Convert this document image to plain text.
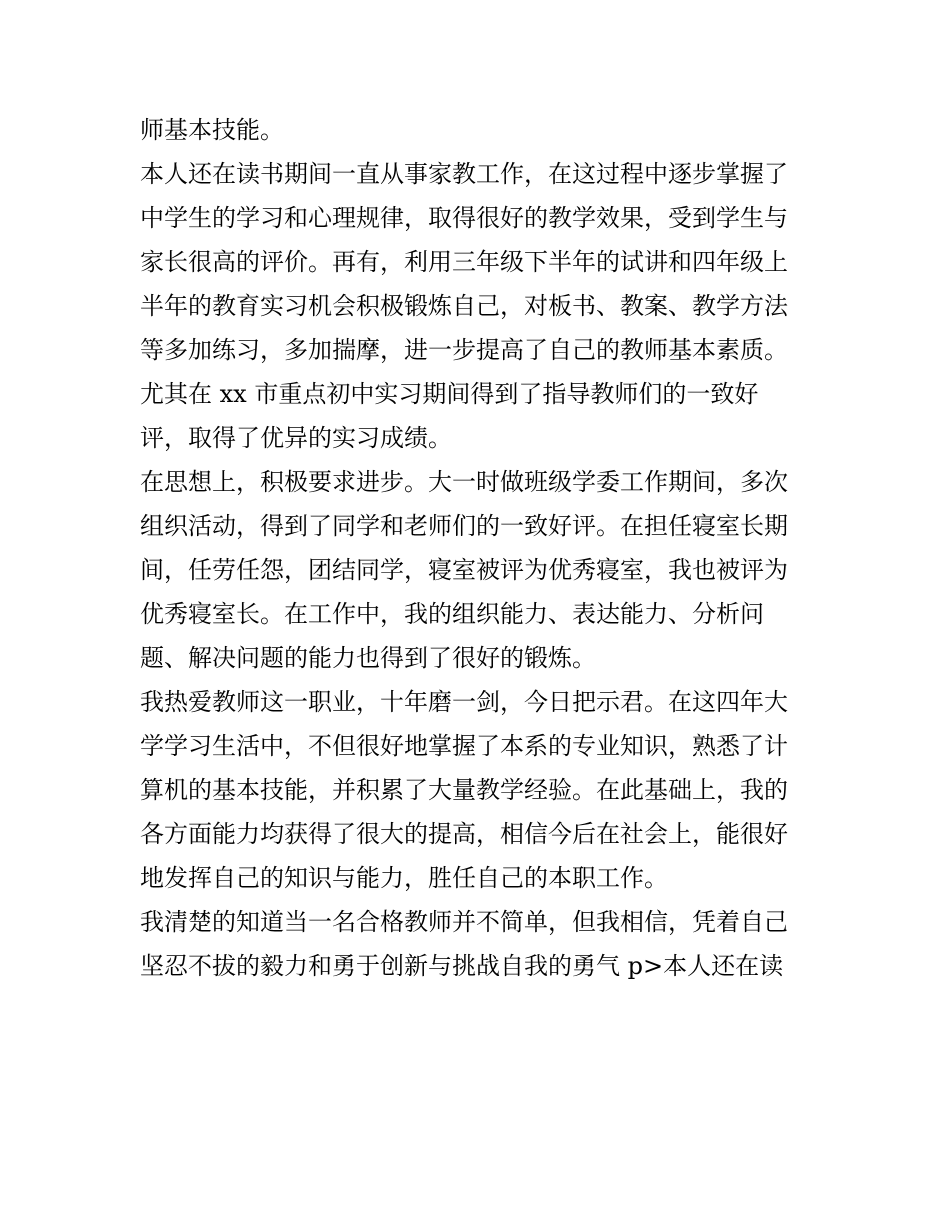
师基本技能。
本人还在读书期间一直从事家教工作，在这过程中逐步掌握了
中学生的学习和心理规律，取得很好的教学效果，受到学生与
家长很高的评价。再有，利用三年级下半年的试讲和四年级上
半年的教育实习机会积极锻炼自己，对板书、教案、教学方法
等多加练习，多加揣摩，进一步提高了自己的教师基本素质。
尤其在 xx 市重点初中实习期间得到了指导教师们的一致好
评，取得了优异的实习成绩。
在思想上，积极要求进步。大一时做班级学委工作期间，多次
组织活动，得到了同学和老师们的一致好评。在担任寝室长期
间，任劳任怨，团结同学，寝室被评为优秀寝室，我也被评为
优秀寝室长。在工作中，我的组织能力、表达能力、分析问
题、解决问题的能力也得到了很好的锻炼。
我热爱教师这一职业，十年磨一剑，今日把示君。在这四年大
学学习生活中，不但很好地掌握了本系的专业知识，熟悉了计
算机的基本技能，并积累了大量教学经验。在此基础上，我的
各方面能力均获得了很大的提高，相信今后在社会上，能很好
地发挥自己的知识与能力，胜任自己的本职工作。
我清楚的知道当一名合格教师并不简单，但我相信，凭着自己
坚忍不拔的毅力和勇于创新与挑战自我的勇气 p>本人还在读
